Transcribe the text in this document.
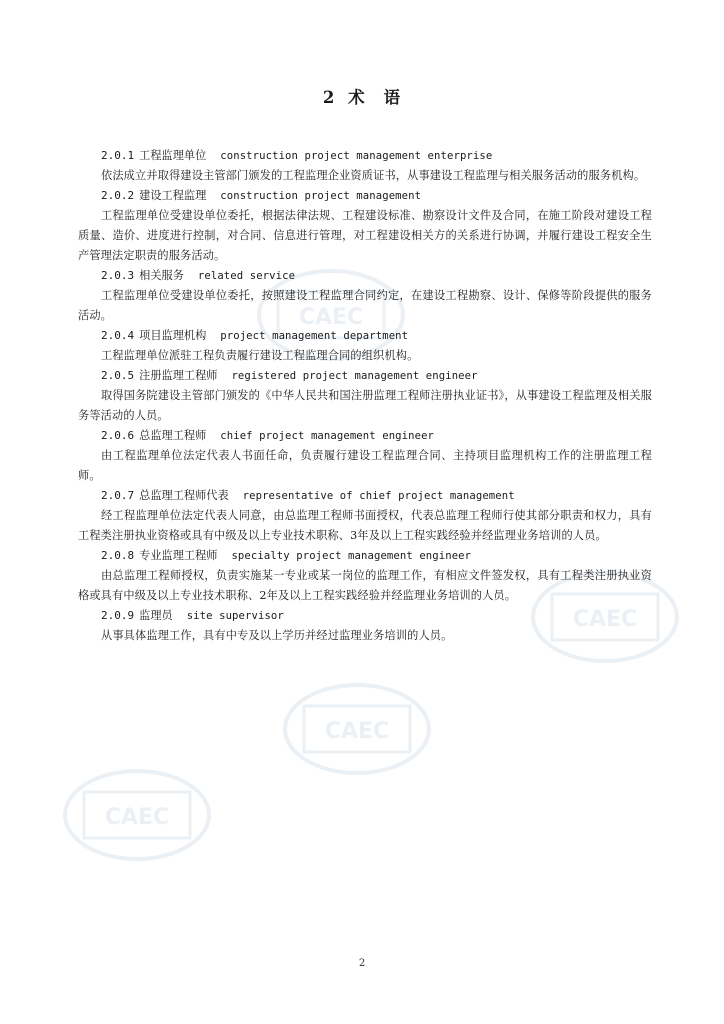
CAEC
CAEC
CAEC
CAEC
2 术 语
2.0.1 工程监理单位 construction project management enterprise

依法成立并取得建设主管部门颁发的工程监理企业资质证书，从事建设工程监理与相关服务活动的服务机构。

2.0.2 建设工程监理 construction project management

工程监理单位受建设单位委托，根据法律法规、工程建设标准、勘察设计文件及合同，在施工阶段对建设工程质量、造价、进度进行控制，对合同、信息进行管理，对工程建设相关方的关系进行协调，并履行建设工程安全生产管理法定职责的服务活动。

2.0.3 相关服务 related service

工程监理单位受建设单位委托，按照建设工程监理合同约定，在建设工程勘察、设计、保修等阶段提供的服务活动。

2.0.4 项目监理机构 project management department

工程监理单位派驻工程负责履行建设工程监理合同的组织机构。

2.0.5 注册监理工程师 registered project management engineer

取得国务院建设主管部门颁发的《中华人民共和国注册监理工程师注册执业证书》，从事建设工程监理及相关服务等活动的人员。

2.0.6 总监理工程师 chief project management engineer

由工程监理单位法定代表人书面任命，负责履行建设工程监理合同、主持项目监理机构工作的注册监理工程师。

2.0.7 总监理工程师代表 representative of chief project management

经工程监理单位法定代表人同意，由总监理工程师书面授权，代表总监理工程师行使其部分职责和权力，具有工程类注册执业资格或具有中级及以上专业技术职称、3年及以上工程实践经验并经监理业务培训的人员。

2.0.8 专业监理工程师 specialty project management engineer

由总监理工程师授权，负责实施某一专业或某一岗位的监理工作，有相应文件签发权，具有工程类注册执业资格或具有中级及以上专业技术职称、2年及以上工程实践经验并经监理业务培训的人员。

2.0.9 监理员 site supervisor

从事具体监理工作，具有中专及以上学历并经过监理业务培训的人员。

2
